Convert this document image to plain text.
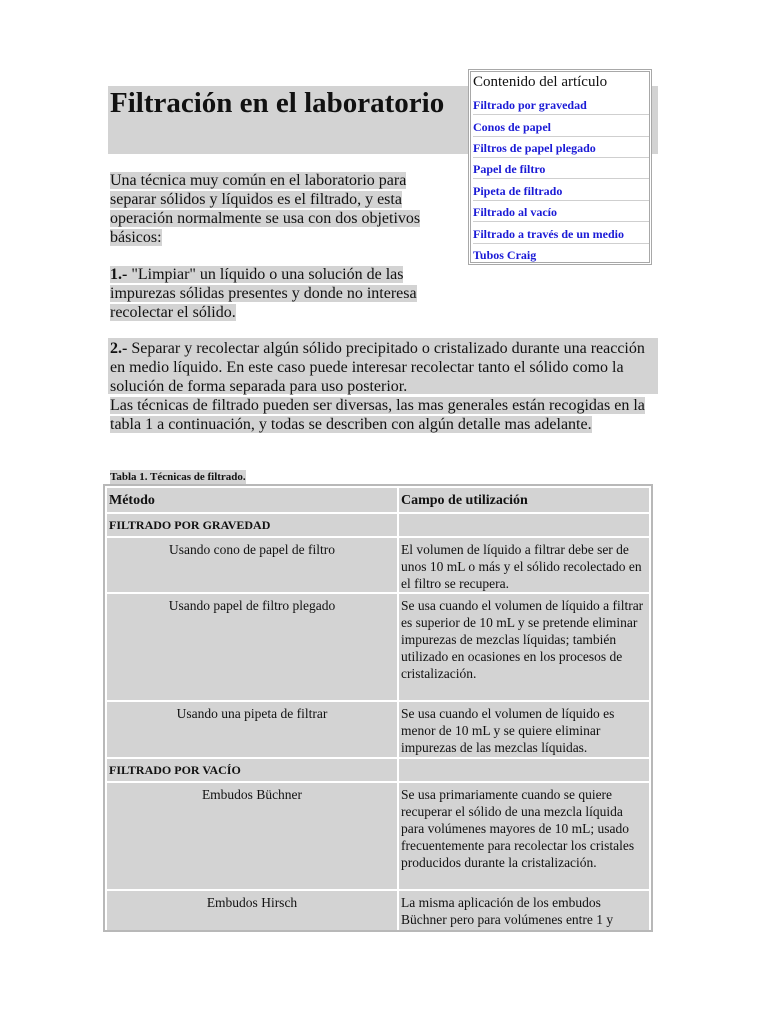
Filtración en el laboratorio
Contenido del artículo
Filtrado por gravedad
Conos de papel
Filtros de papel plegado
Papel de filtro
Pipeta de filtrado
Filtrado al vacío
Filtrado a través de un medio
Tubos Craig

Una técnica muy común en el laboratorio para separar sólidos y líquidos es el filtrado, y esta operación normalmente se usa con dos objetivos básicos:

1.- "Limpiar" un líquido o una solución de las impurezas sólidas presentes y donde no interesa recolectar el sólido.

2.- Separar y recolectar algún sólido precipitado o cristalizado durante una reacción en medio líquido. En este caso puede interesar recolectar tanto el sólido como la solución de forma separada para uso posterior.

Las técnicas de filtrado pueden ser diversas, las mas generales están recogidas en la tabla 1 a continuación, y todas se describen con algún detalle mas adelante.

Tabla 1. Técnicas de filtrado.
Método	Campo de utilización
FILTRADO POR GRAVEDAD
Usando cono de papel de filtro	El volumen de líquido a filtrar debe ser de unos 10 mL o más y el sólido recolectado en el filtro se recupera.
Usando papel de filtro plegado	Se usa cuando el volumen de líquido a filtrar es superior de 10 mL y se pretende eliminar impurezas de mezclas líquidas; también utilizado en ocasiones en los procesos de cristalización.
Usando una pipeta de filtrar	Se usa cuando el volumen de líquido es menor de 10 mL y se quiere eliminar impurezas de las mezclas líquidas.
FILTRADO POR VACÍO
Embudos Büchner	Se usa primariamente cuando se quiere recuperar el sólido de una mezcla líquida para volúmenes mayores de 10 mL; usado frecuentemente para recolectar los cristales producidos durante la cristalización.
Embudos Hirsch	La misma aplicación de los embudos Büchner pero para volúmenes entre 1 y
